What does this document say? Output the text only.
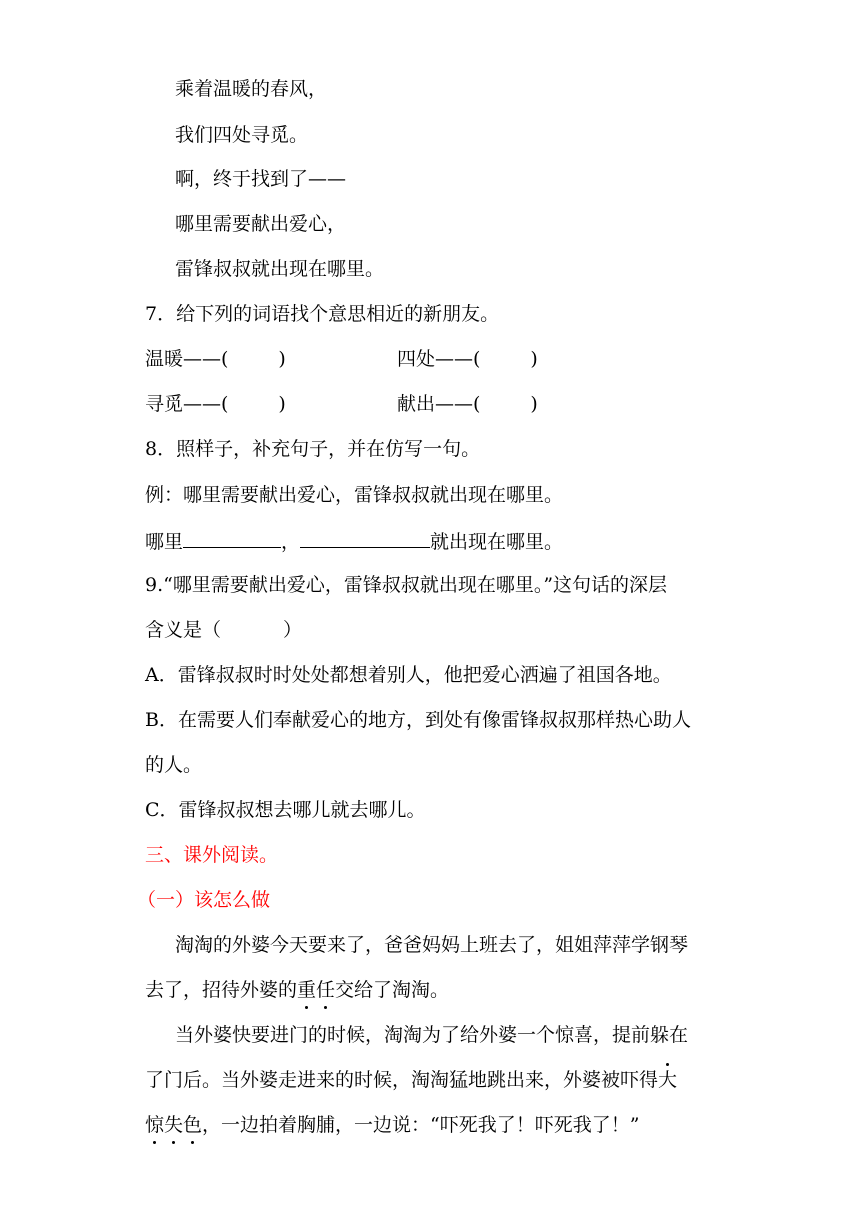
乘着温暖的春风，
我们四处寻觅。
啊，终于找到了——
哪里需要献出爱心，
雷锋叔叔就出现在哪里。
7．给下列的词语找个意思相近的新朋友。
温暖——(	)	四处——(	)
寻觅——(	)	献出——(	)
8．照样子，补充句子，并在仿写一句。
例：哪里需要献出爱心，雷锋叔叔就出现在哪里。
哪里	，	就出现在哪里。
9.“哪里需要献出爱心，雷锋叔叔就出现在哪里。”这句话的深层
含义是（	）
A．雷锋叔叔时时处处都想着别人，他把爱心洒遍了祖国各地。
B．在需要人们奉献爱心的地方，到处有像雷锋叔叔那样热心助人
的人。
C．雷锋叔叔想去哪儿就去哪儿。
三、课外阅读。
（一）该怎么做
淘淘的外婆今天要来了，爸爸妈妈上班去了，姐姐萍萍学钢琴
去了，招待外婆的重任交给了淘淘。
当外婆快要进门的时候，淘淘为了给外婆一个惊喜，提前躲在
了门后。当外婆走进来的时候，淘淘猛地跳出来，外婆被吓得大
惊失色，一边拍着胸脯，一边说：“吓死我了！吓死我了！”
